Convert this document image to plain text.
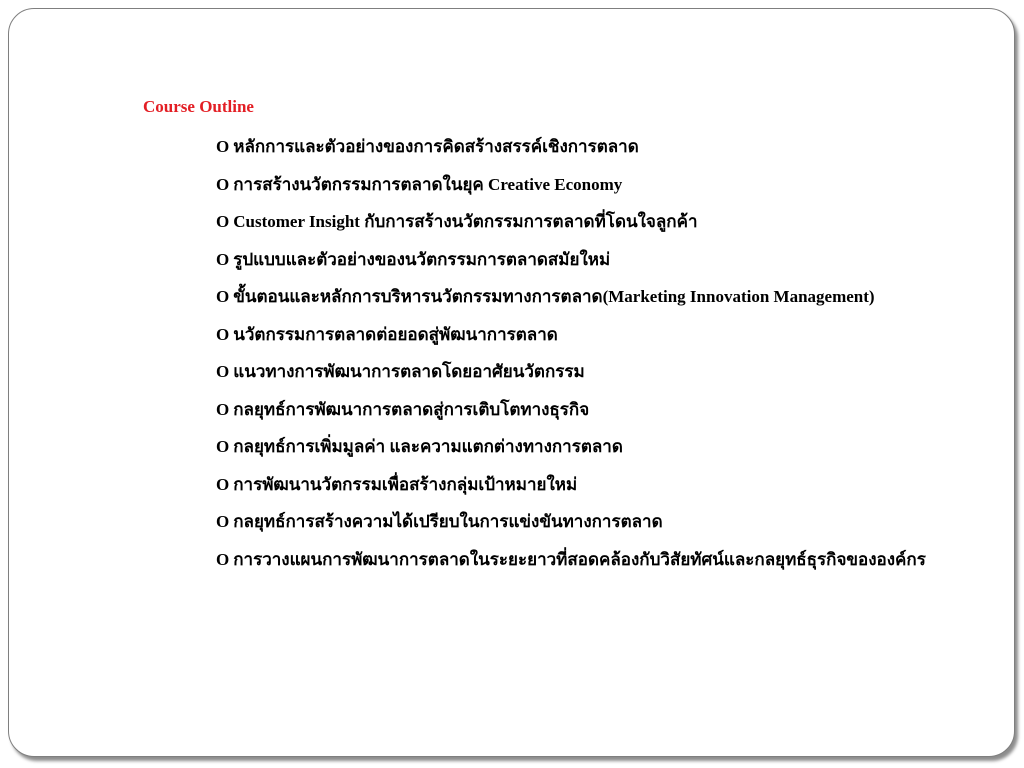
Course Outline
O หลักการและตัวอย่างของการคิดสร้างสรรค์เชิงการตลาด
O การสร้างนวัตกรรมการตลาดในยุค Creative Economy
O Customer Insight กับการสร้างนวัตกรรมการตลาดที่โดนใจลูกค้า
O รูปแบบและตัวอย่างของนวัตกรรมการตลาดสมัยใหม่
O ขั้นตอนและหลักการบริหารนวัตกรรมทางการตลาด(Marketing Innovation Management)
O นวัตกรรมการตลาดต่อยอดสู่พัฒนาการตลาด
O แนวทางการพัฒนาการตลาดโดยอาศัยนวัตกรรม
O กลยุทธ์การพัฒนาการตลาดสู่การเติบโตทางธุรกิจ
O กลยุทธ์การเพิ่มมูลค่า และความแตกต่างทางการตลาด
O การพัฒนานวัตกรรมเพื่อสร้างกลุ่มเป้าหมายใหม่
O กลยุทธ์การสร้างความได้เปรียบในการแข่งขันทางการตลาด
O การวางแผนการพัฒนาการตลาดในระยะยาวที่สอดคล้องกับวิสัยทัศน์และกลยุทธ์ธุรกิจขององค์กร
